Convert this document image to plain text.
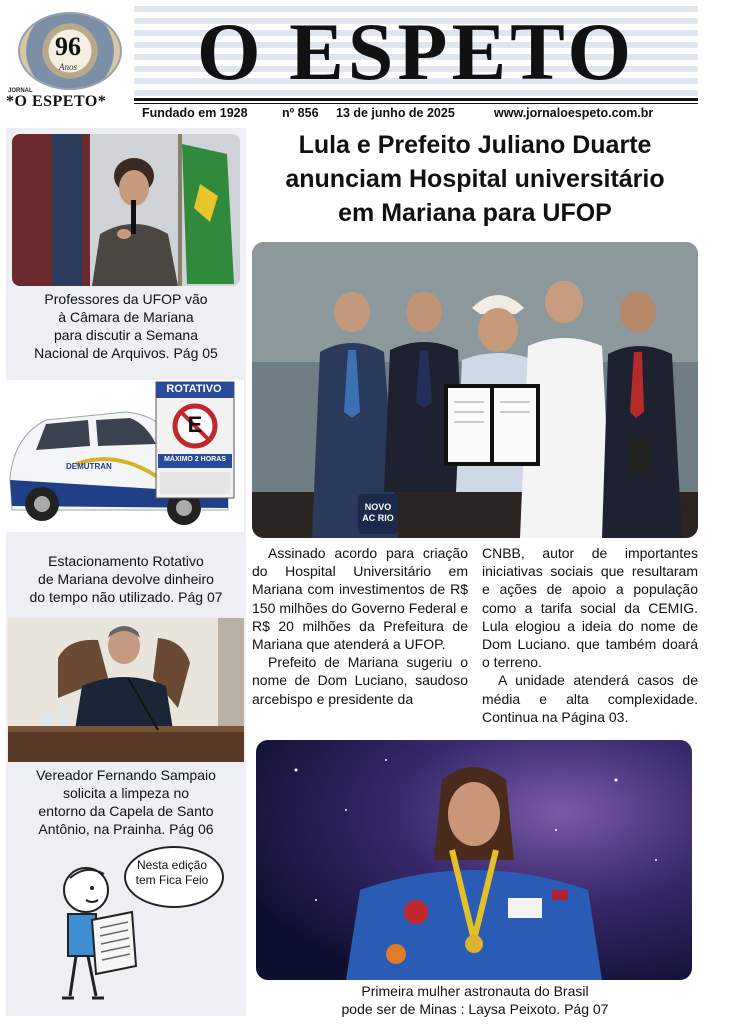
96
Anos
JORNAL
*O ESPETO*
O ESPETO
Fundado em 1928	nº 856 13 de junho de 2025	www.jornaloespeto.com.br
Professores da UFOP vão
à Câmara de Mariana
para discutir a Semana
Nacional de Arquivos. Pág 05
ROTATIVO
E
MÁXIMO 2 HORAS
DEMUTRAN
Estacionamento Rotativo
de Mariana devolve dinheiro
do tempo não utilizado. Pág 07
Vereador Fernando Sampaio
solicita a limpeza no
entorno da Capela de Santo
Antônio, na Prainha. Pág 06
Nesta edição
tem Fica Feio
Lula e Prefeito Juliano Duarte
anunciam Hospital universitário
em Mariana para UFOP
NOVO AC RIO

Assinado acordo para criação do Hospital Universitário em Mariana com investimentos de R$ 150 milhões do Governo Federal e R$ 20 milhões da Prefeitura de Mariana que atenderá a UFOP.

Prefeito de Mariana sugeriu o nome de Dom Luciano, saudoso arcebispo e presidente da

CNBB, autor de importantes iniciativas sociais que resultaram e ações de apoio a população como a tarifa social da CEMIG. Lula elogiou a ideia do nome de Dom Luciano. que também doará o terreno.

A unidade atenderá casos de média e alta complexidade. Continua na Página 03.

Primeira mulher astronauta do Brasil
pode ser de Minas : Laysa Peixoto. Pág 07
